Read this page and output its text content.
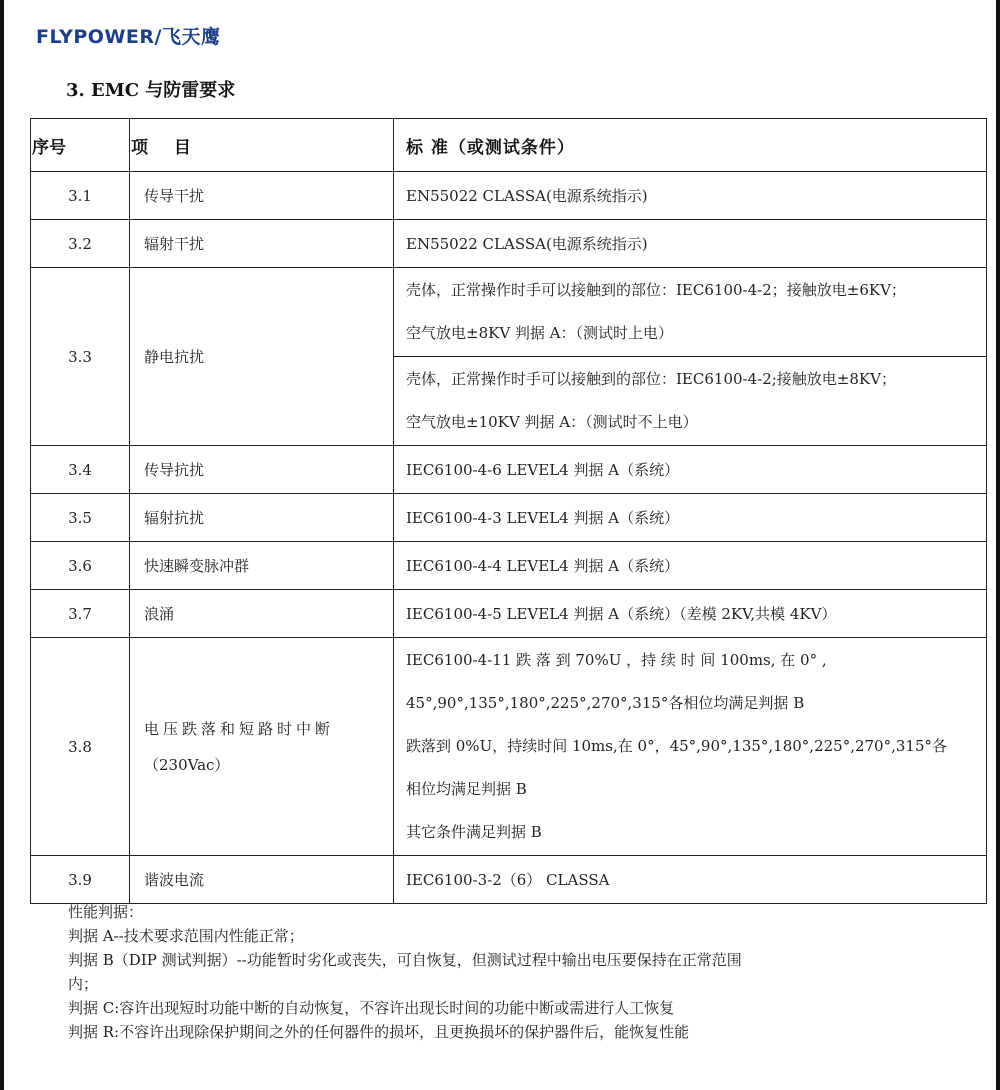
FLYPOWER/飞天鹰
3. EMC 与防雷要求
序号	项 目	标 准（或测试条件）
3.1	传导干扰	EN55022 CLASSA(电源系统指示)
3.2	辐射干扰	EN55022 CLASSA(电源系统指示)
3.3	静电抗扰	壳体，正常操作时手可以接触到的部位：IEC6100-4-2；接触放电±6KV；
空气放电±8KV 判据 A：（测试时上电）

		壳体，正常操作时手可以接触到的部位：IEC6100-4-2;接触放电±8KV；
空气放电±10KV 判据 A：（测试时不上电）

3.4	传导抗扰	IEC6100-4-6 LEVEL4 判据 A（系统）
3.5	辐射抗扰	IEC6100-4-3 LEVEL4 判据 A（系统）
3.6	快速瞬变脉冲群	IEC6100-4-4 LEVEL4 判据 A（系统）
3.7	浪涌	IEC6100-4-5 LEVEL4 判据 A（系统）（差模 2KV,共模 4KV）
3.8	电压跌落和短路时中断
（230Vac）	IEC6100-4-11 跌 落 到 70%U ，持 续 时 间 100ms, 在 0° ,
45°,90°,135°,180°,225°,270°,315°各相位均满足判据 B
跌落到 0%U，持续时间 10ms,在 0°，45°,90°,135°,180°,225°,270°,315°各
相位均满足判据 B
其它条件满足判据 B

3.9	谐波电流	IEC6100-3-2（6） CLASSA
性能判据：
判据 A--技术要求范围内性能正常；
判据 B（DIP 测试判据）--功能暂时劣化或丧失，可自恢复，但测试过程中输出电压要保持在正常范围
内；
判据 C:容许出现短时功能中断的自动恢复，不容许出现长时间的功能中断或需进行人工恢复
判据 R:不容许出现除保护期间之外的任何器件的损坏，且更换损坏的保护器件后，能恢复性能
